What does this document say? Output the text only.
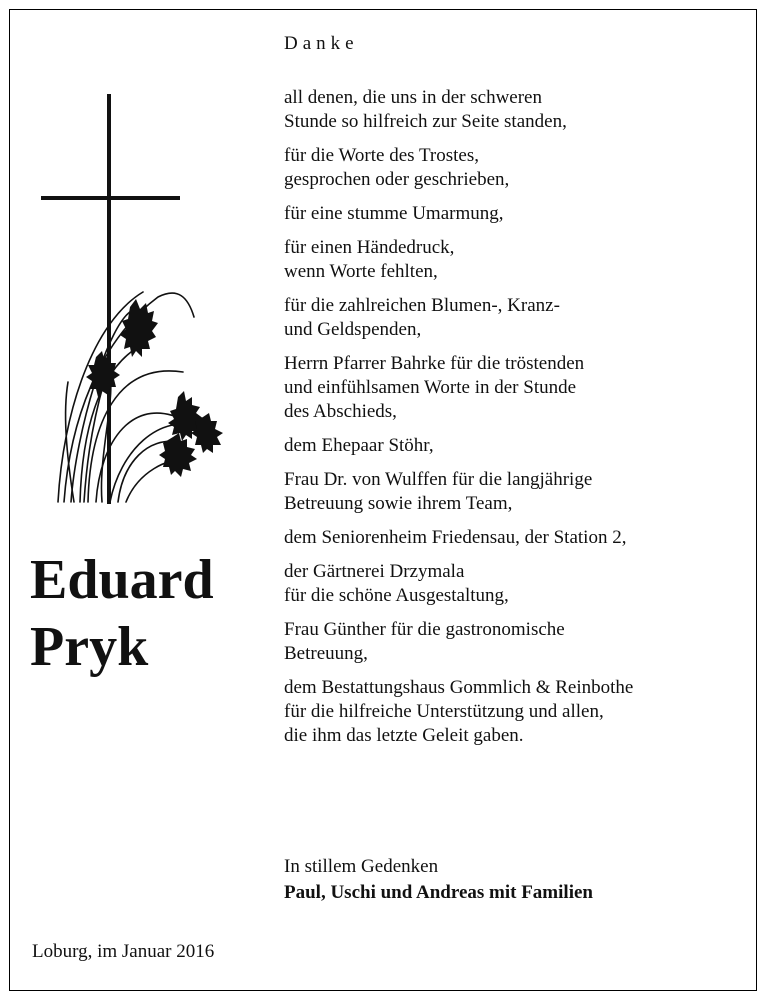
Eduard
Pryk
Loburg, im Januar 2016
Danke
all denen, die uns in der schweren
Stunde so hilfreich zur Seite standen,
für die Worte des Trostes,
gesprochen oder geschrieben,
für eine stumme Umarmung,
für einen Händedruck,
wenn Worte fehlten,
für die zahlreichen Blumen-, Kranz-
und Geldspenden,
Herrn Pfarrer Bahrke für die tröstenden
und einfühlsamen Worte in der Stunde
des Abschieds,
dem Ehepaar Stöhr,
Frau Dr. von Wulffen für die langjährige
Betreuung sowie ihrem Team,
dem Seniorenheim Friedensau, der Station 2,
der Gärtnerei Drzymala
für die schöne Ausgestaltung,
Frau Günther für die gastronomische
Betreuung,
dem Bestattungshaus Gommlich & Reinbothe
für die hilfreiche Unterstützung und allen,
die ihm das letzte Geleit gaben.
In stillem Gedenken
Paul, Uschi und Andreas mit Familien
